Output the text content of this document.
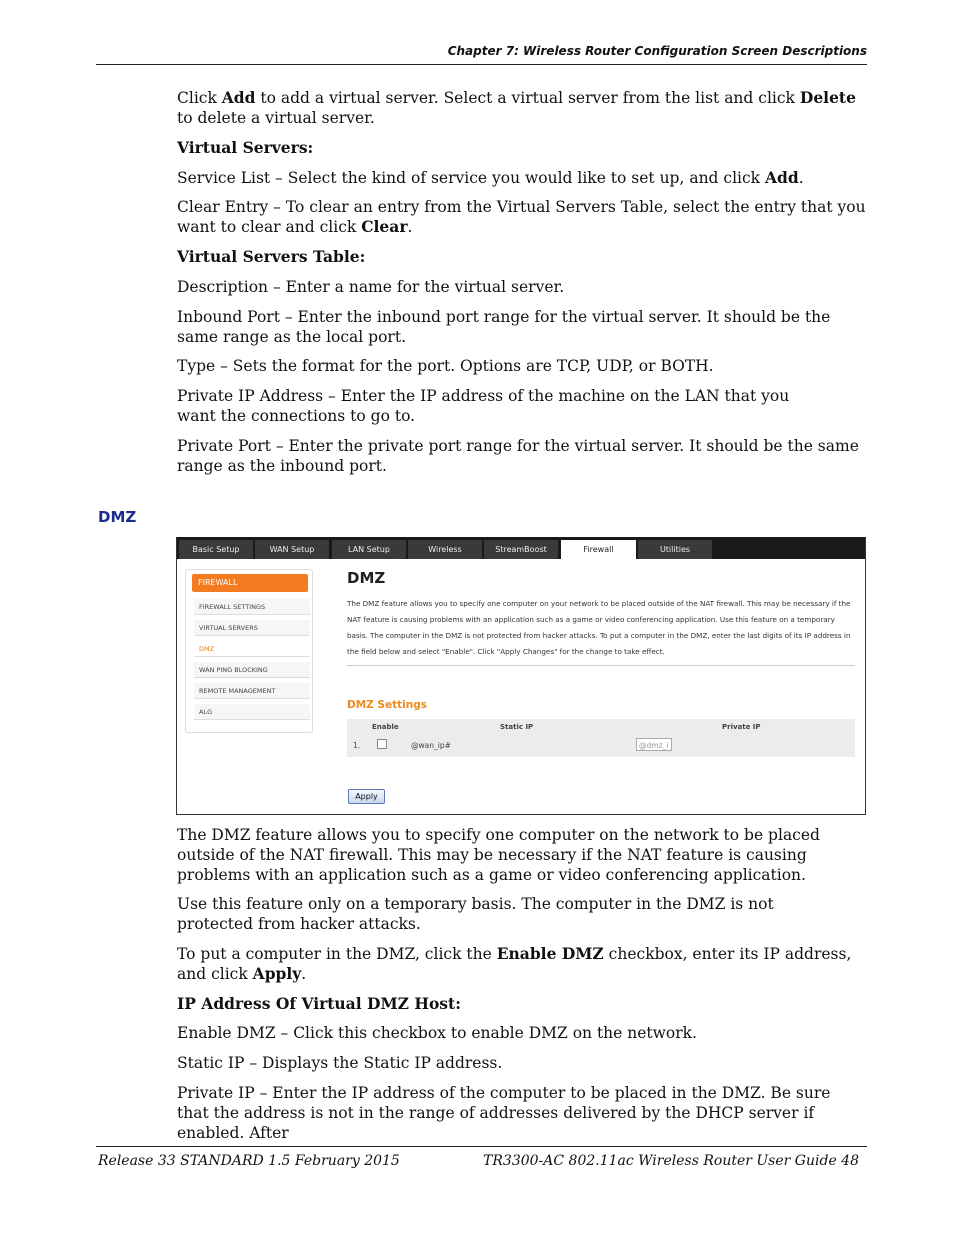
Chapter 7: Wireless Router Configuration Screen Descriptions

Click Add to add a virtual server. Select a virtual server from the list and click Delete to delete a virtual server.

Virtual Servers:

Service List – Select the kind of service you would like to set up, and click Add.

Clear Entry – To clear an entry from the Virtual Servers Table, select the entry that you want to clear and click Clear.

Virtual Servers Table:

Description – Enter a name for the virtual server.

Inbound Port – Enter the inbound port range for the virtual server. It should be the same range as the local port.

Type – Sets the format for the port. Options are TCP, UDP, or BOTH.

Private IP Address – Enter the IP address of the machine on the LAN that you want the connections to go to.

Private Port – Enter the private port range for the virtual server. It should be the same range as the inbound port.

DMZ
Basic Setup	WAN Setup	LAN Setup	Wireless	StreamBoost	Firewall	Utilities
FIREWALL
FIREWALL SETTINGS
VIRTUAL SERVERS
DMZ
WAN PING BLOCKING
REMOTE MANAGEMENT
ALG
DMZ
The DMZ feature allows you to specify one computer on your network to be placed outside of the NAT firewall. This may be necessary if the NAT feature is causing problems with an application such as a game or video conferencing application. Use this feature on a temporary basis. The computer in the DMZ is not protected from hacker attacks. To put a computer in the DMZ, enter the last digits of its IP address in the field below and select "Enable". Click "Apply Changes" for the change to take effect.
DMZ Settings
Enable	Static IP	Private IP
1.	@wan_ip#	@dmz_i
Apply

The DMZ feature allows you to specify one computer on the network to be placed outside of the NAT firewall. This may be necessary if the NAT feature is causing problems with an application such as a game or video conferencing application.

Use this feature only on a temporary basis. The computer in the DMZ is not protected from hacker attacks.

To put a computer in the DMZ, click the Enable DMZ checkbox, enter its IP address, and click Apply.

IP Address Of Virtual DMZ Host:

Enable DMZ – Click this checkbox to enable DMZ on the network.

Static IP – Displays the Static IP address.

Private IP – Enter the IP address of the computer to be placed in the DMZ. Be sure that the address is not in the range of addresses delivered by the DHCP server if enabled. After

Release 33 STANDARD 1.5 February 2015	TR3300-AC 802.11ac Wireless Router User Guide 48
